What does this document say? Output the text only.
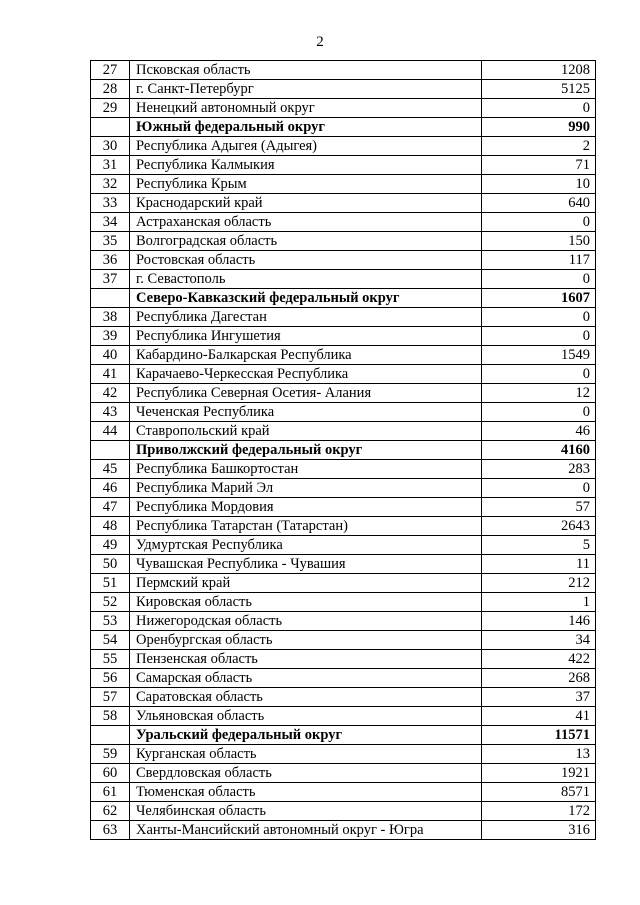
2
27	Псковская область	1208
28	г. Санкт-Петербург	5125
29	Ненецкий автономный округ	0
	Южный федеральный округ	990
30	Республика Адыгея (Адыгея)	2
31	Республика Калмыкия	71
32	Республика Крым	10
33	Краснодарский край	640
34	Астраханская область	0
35	Волгоградская область	150
36	Ростовская область	117
37	г. Севастополь	0
	Северо-Кавказский федеральный округ	1607
38	Республика Дагестан	0
39	Республика Ингушетия	0
40	Кабардино-Балкарская Республика	1549
41	Карачаево-Черкесская Республика	0
42	Республика Северная Осетия- Алания	12
43	Чеченская Республика	0
44	Ставропольский край	46
	Приволжский федеральный округ	4160
45	Республика Башкортостан	283
46	Республика Марий Эл	0
47	Республика Мордовия	57
48	Республика Татарстан (Татарстан)	2643
49	Удмуртская Республика	5
50	Чувашская Республика - Чувашия	11
51	Пермский край	212
52	Кировская область	1
53	Нижегородская область	146
54	Оренбургская область	34
55	Пензенская область	422
56	Самарская область	268
57	Саратовская область	37
58	Ульяновская область	41
	Уральский федеральный округ	11571
59	Курганская область	13
60	Свердловская область	1921
61	Тюменская область	8571
62	Челябинская область	172
63	Ханты-Мансийский автономный округ - Югра	316
